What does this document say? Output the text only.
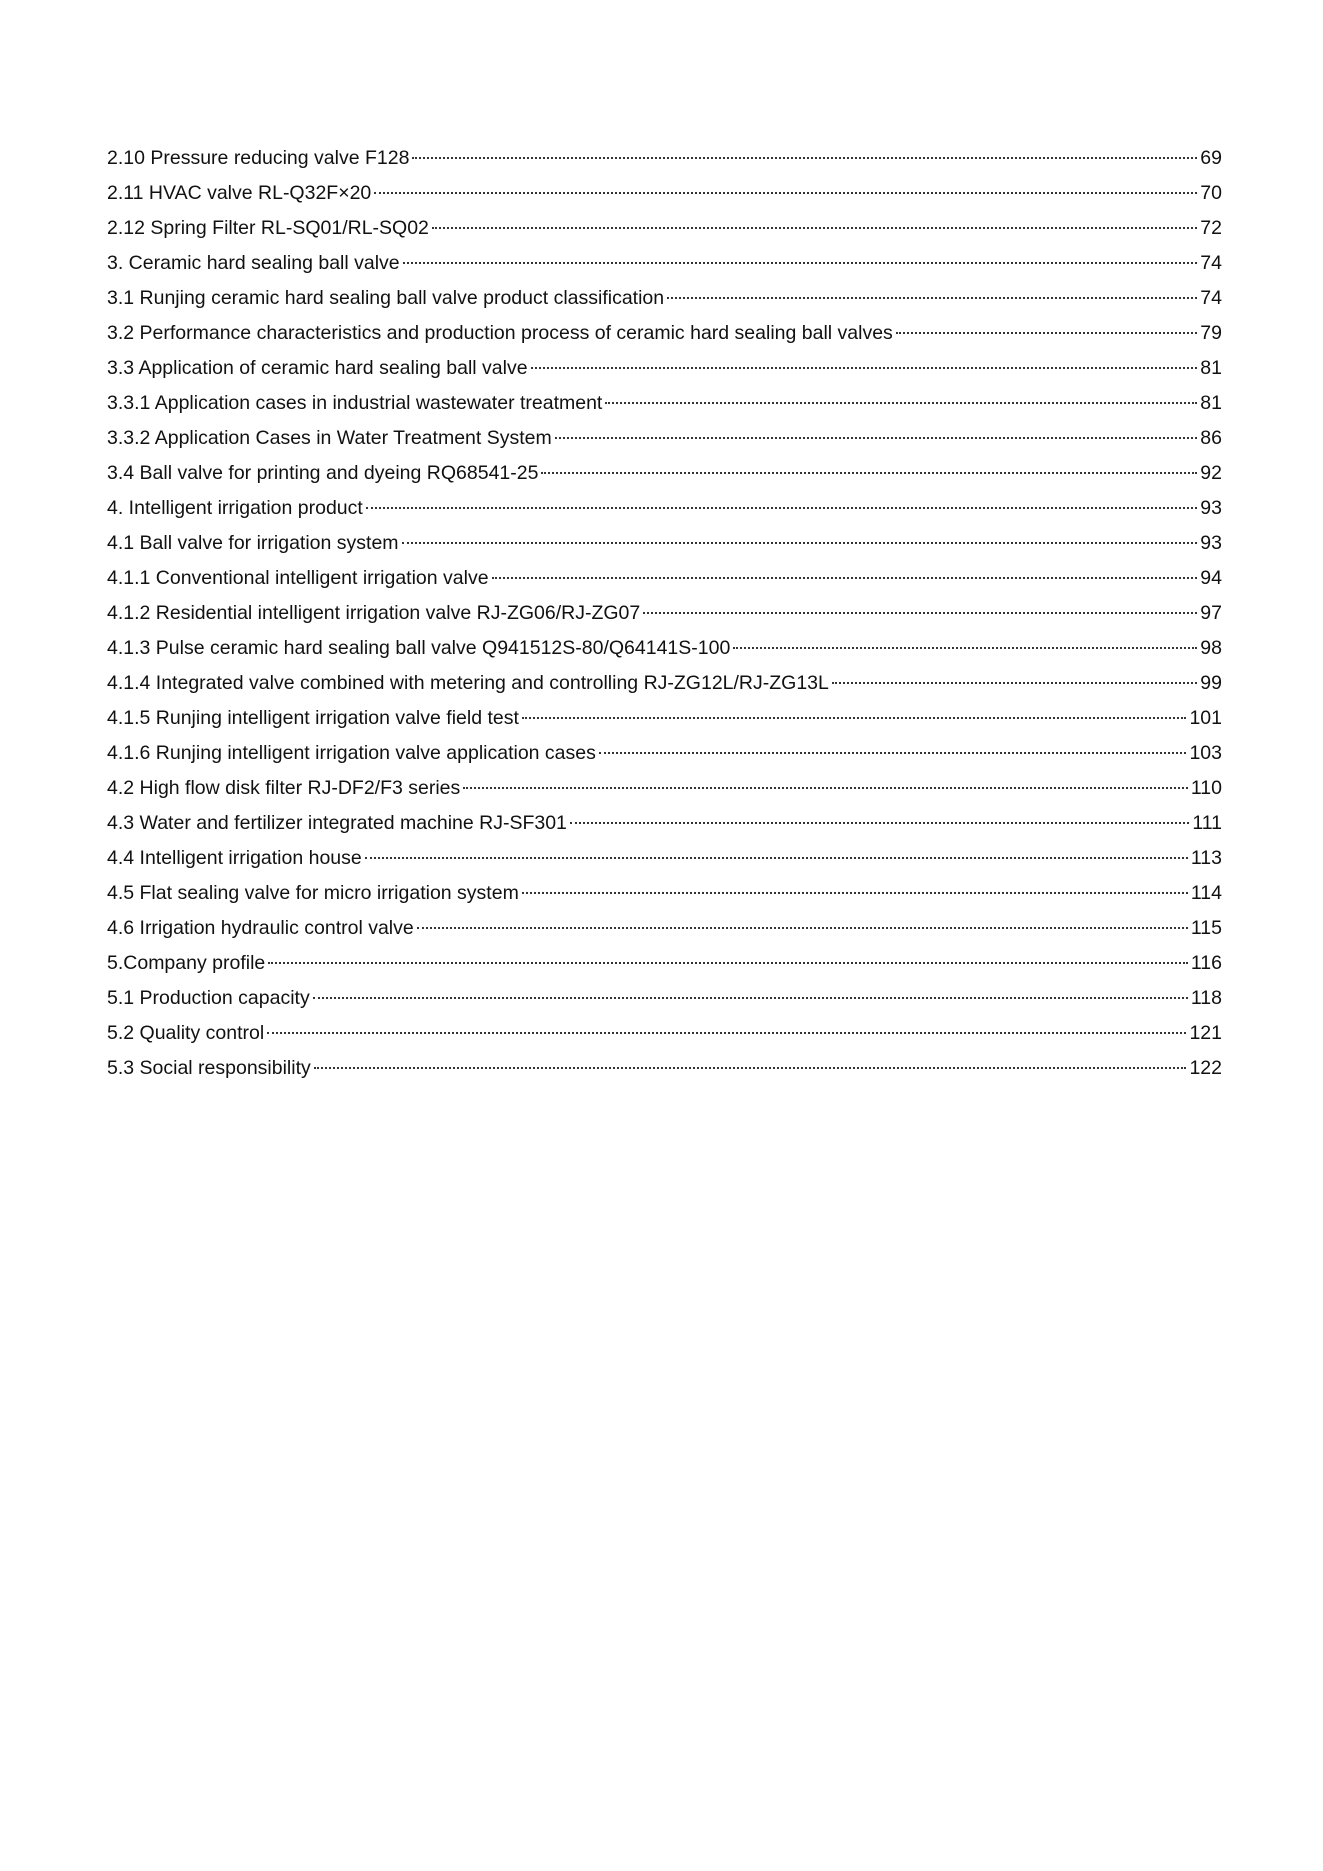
2.10 Pressure reducing valve F128	69
2.11 HVAC valve RL-Q32F×20	70
2.12 Spring Filter RL-SQ01/RL-SQ02	72
3. Ceramic hard sealing ball valve	74
3.1 Runjing ceramic hard sealing ball valve product classification	74
3.2 Performance characteristics and production process of ceramic hard sealing ball valves	79
3.3 Application of ceramic hard sealing ball valve	81
3.3.1 Application cases in industrial wastewater treatment	81
3.3.2 Application Cases in Water Treatment System	86
3.4 Ball valve for printing and dyeing RQ68541-25	92
4. Intelligent irrigation product	93
4.1 Ball valve for irrigation system	93
4.1.1 Conventional intelligent irrigation valve	94
4.1.2 Residential intelligent irrigation valve RJ-ZG06/RJ-ZG07	97
4.1.3 Pulse ceramic hard sealing ball valve Q941512S-80/Q64141S-100	98
4.1.4 Integrated valve combined with metering and controlling RJ-ZG12L/RJ-ZG13L	99
4.1.5 Runjing intelligent irrigation valve field test	101
4.1.6 Runjing intelligent irrigation valve application cases	103
4.2 High flow disk filter RJ-DF2/F3 series	110
4.3 Water and fertilizer integrated machine RJ-SF301	111
4.4 Intelligent irrigation house	113
4.5 Flat sealing valve for micro irrigation system	114
4.6 Irrigation hydraulic control valve	115
5.Company profile	116
5.1 Production capacity	118
5.2 Quality control	121
5.3 Social responsibility	122
